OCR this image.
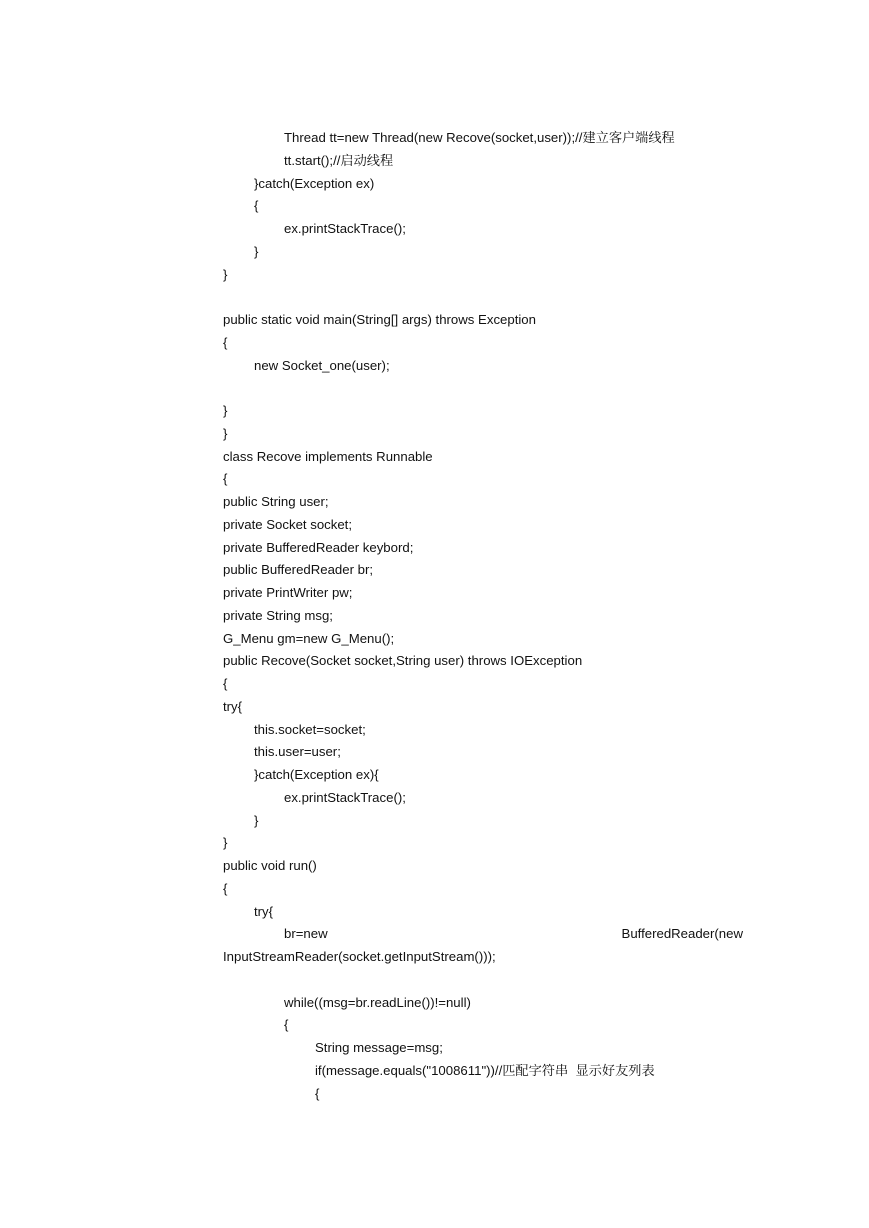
Thread tt=new Thread(new Recove(socket,user));//建立客户端线程
tt.start();//启动线程
}catch(Exception ex)
{
ex.printStackTrace();
}
}
public static void main(String[] args) throws Exception
{
new Socket_one(user);
}
}
class Recove implements Runnable
{
public String user;
private Socket socket;
private BufferedReader keybord;
public BufferedReader br;
private PrintWriter pw;
private String msg;
G_Menu gm=new G_Menu();
public Recove(Socket socket,String user) throws IOException
{
try{
this.socket=socket;
this.user=user;
}catch(Exception ex){
ex.printStackTrace();
}
}
public void run()
{
try{
br=new	BufferedReader(new
InputStreamReader(socket.getInputStream()));
while((msg=br.readLine())!=null)
{
String message=msg;
if(message.equals("1008611"))//匹配字符串  显示好友列表
{
